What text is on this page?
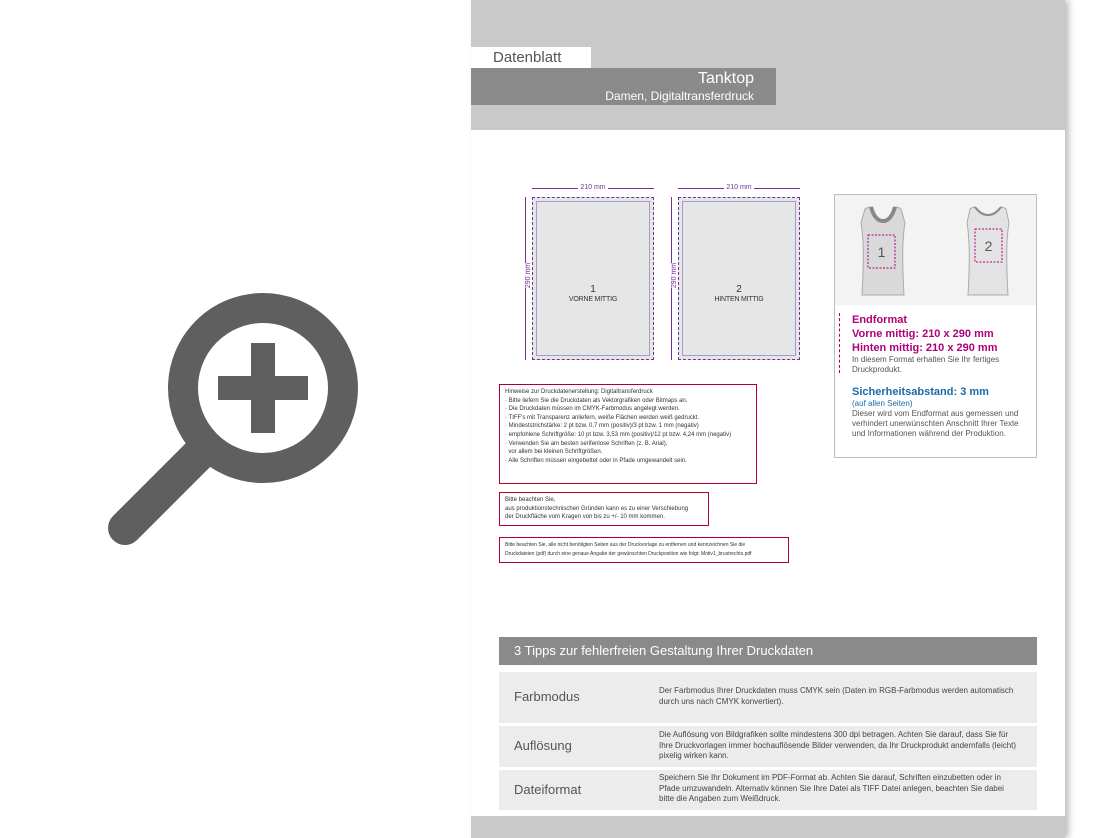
Datenblatt
Tanktop
Damen, Digitaltransferdruck
210 mm
290 mm
1
VORNE MITTIG
210 mm
290 mm
2
HINTEN MITTIG
1	2
Endformat
Vorne mittig: 210 x 290 mm
Hinten mittig: 210 x 290 mm
In diesem Format erhalten Sie Ihr fertiges Druckprodukt.
Sicherheitsabstand: 3 mm
(auf allen Seiten)
Dieser wird vom Endformat aus gemessen und verhindert unerwünschten Anschnitt Ihrer Texte und Informationen während der Produktion.
Hinweise zur Druckdatenerstellung: Digitaltransferdruck
· Bitte liefern Sie die Druckdaten als Vektorgrafiken oder Bitmaps an.
· Die Druckdaten müssen im CMYK-Farbmodus angelegt werden.
· TIFF's mit Transparenz anliefern, weiße Flächen werden weiß gedruckt.
· Mindeststrichstärke: 2 pt bzw. 0,7 mm (positiv)/3 pt bzw. 1 mm (negativ)
· empfohlene Schriftgröße: 10 pt bzw. 3,53 mm (positiv)/12 pt bzw. 4,24 mm (negativ)
· Verwenden Sie am besten serifenlose Schriften (z. B. Arial),
vor allem bei kleinen Schriftgrößen.
· Alle Schriften müssen eingebettet oder in Pfade umgewandelt sein.
Bitte beachten Sie,
aus produktionstechnischen Gründen kann es zu einer Verschiebung
der Druckfläche vom Kragen von bis zu +/- 10 mm kommen.
Bitte beachten Sie, alle nicht benötigten Seiten aus der Druckvorlage zu entfernen und kennzeichnen Sie die
Druckdateien (pdf) durch eine genaue Angabe der gewünschten Druckposition wie folgt: Motiv1_brustrechts.pdf
3 Tipps zur fehlerfreien Gestaltung Ihrer Druckdaten
Farbmodus	Der Farbmodus Ihrer Druckdaten muss CMYK sein (Daten im RGB-Farbmodus werden automatisch durch uns nach CMYK konvertiert).
Auflösung
Die Auflösung von Bildgrafiken sollte mindestens 300 dpi betragen. Achten Sie darauf, dass Sie für Ihre Druckvorlagen immer hochauflösende Bilder verwenden, da Ihr Druckprodukt andernfalls (leicht) pixelig wirken kann.
Dateiformat
Speichern Sie Ihr Dokument im PDF-Format ab. Achten Sie darauf, Schriften einzubetten oder in Pfade umzuwandeln. Alternativ können Sie Ihre Datei als TIFF Datei anlegen, beachten Sie dabei bitte die Angaben zum Weißdruck.
